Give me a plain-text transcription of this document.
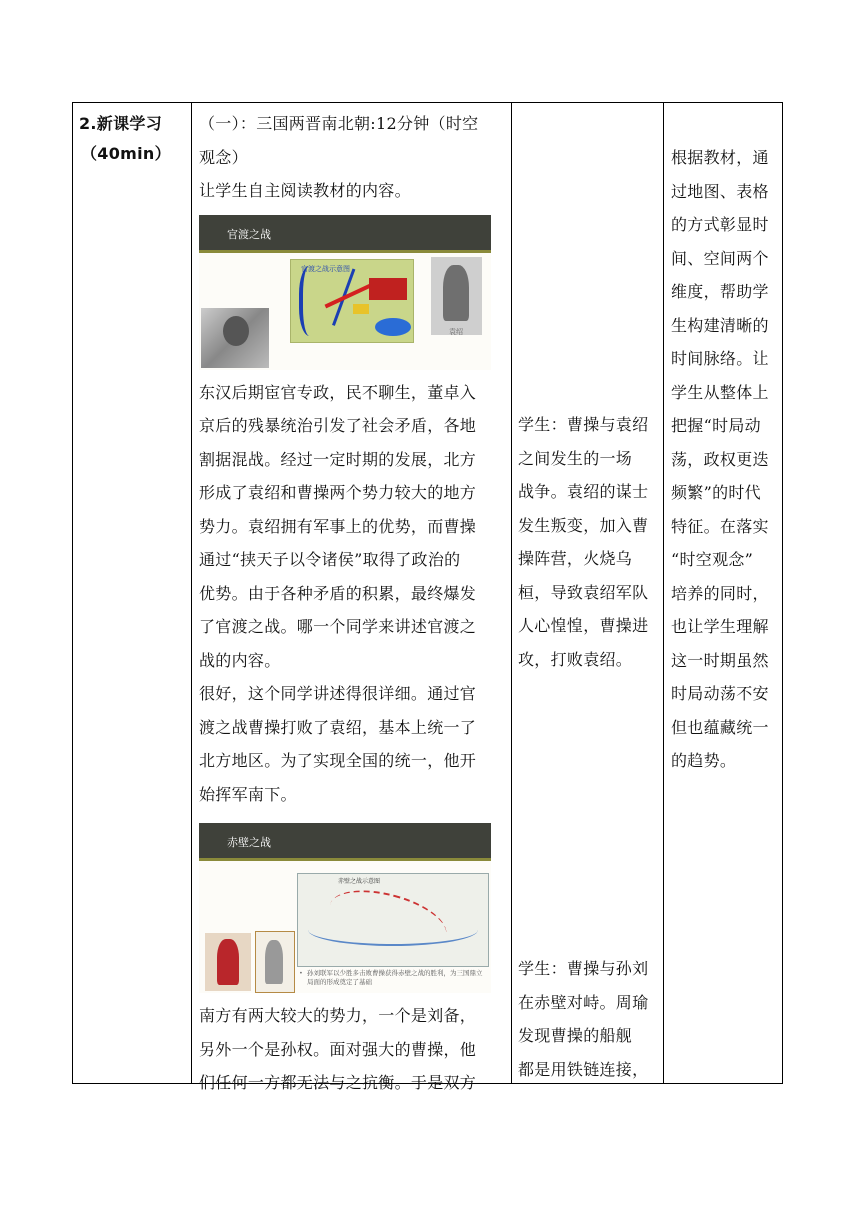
2.新课学习

（40min）

（一）：三国两晋南北朝:12分钟（时空

观念）

让学生自主阅读教材的内容。

官渡之战
官渡之战示意图
袁绍

东汉后期宦官专政，民不聊生，董卓入

京后的残暴统治引发了社会矛盾，各地

割据混战。经过一定时期的发展，北方

形成了袁绍和曹操两个势力较大的地方

势力。袁绍拥有军事上的优势，而曹操

通过“挟天子以令诸侯”取得了政治的

优势。由于各种矛盾的积累，最终爆发

了官渡之战。哪一个同学来讲述官渡之

战的内容。

很好，这个同学讲述得很详细。通过官

渡之战曹操打败了袁绍，基本上统一了

北方地区。为了实现全国的统一，他开

始挥军南下。

赤壁之战
赤壁之战示意图
• 孙刘联军以少胜多击败曹操获得赤壁之战的胜利，为三国鼎立局面的形成奠定了基础

南方有两大较大的势力，一个是刘备，

另外一个是孙权。面对强大的曹操，他

们任何一方都无法与之抗衡。于是双方

学生：曹操与袁绍

之间发生的一场

战争。袁绍的谋士

发生叛变，加入曹

操阵营，火烧乌

桓，导致袁绍军队

人心惶惶，曹操进

攻，打败袁绍。

学生：曹操与孙刘

在赤壁对峙。周瑜

发现曹操的船舰

都是用铁链连接，

根据教材，通

过地图、表格

的方式彰显时

间、空间两个

维度，帮助学

生构建清晰的

时间脉络。让

学生从整体上

把握“时局动

荡，政权更迭

频繁”的时代

特征。在落实

“时空观念”

培养的同时，

也让学生理解

这一时期虽然

时局动荡不安

但也蕴藏统一

的趋势。
